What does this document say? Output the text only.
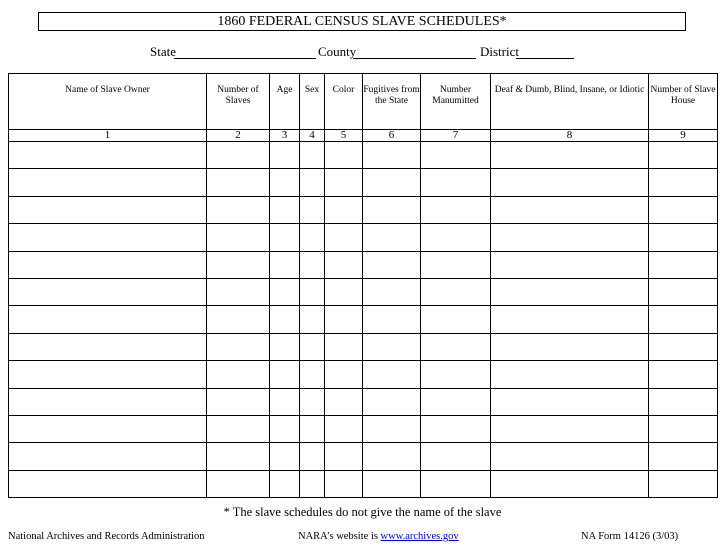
1860 FEDERAL CENSUS SLAVE SCHEDULES*
State	County	District
Name of Slave Owner	Number of Slaves	Age	Sex	Color	Fugitives from the State	Number Manumitted	Deaf & Dumb, Blind, Insane, or Idiotic	Number of Slave House
1	2	3	4	5	6	7	8	9

* The slave schedules do not give the name of the slave
National Archives and Records Administration	NARA’s website is www.archives.gov	NA Form 14126 (3/03)
